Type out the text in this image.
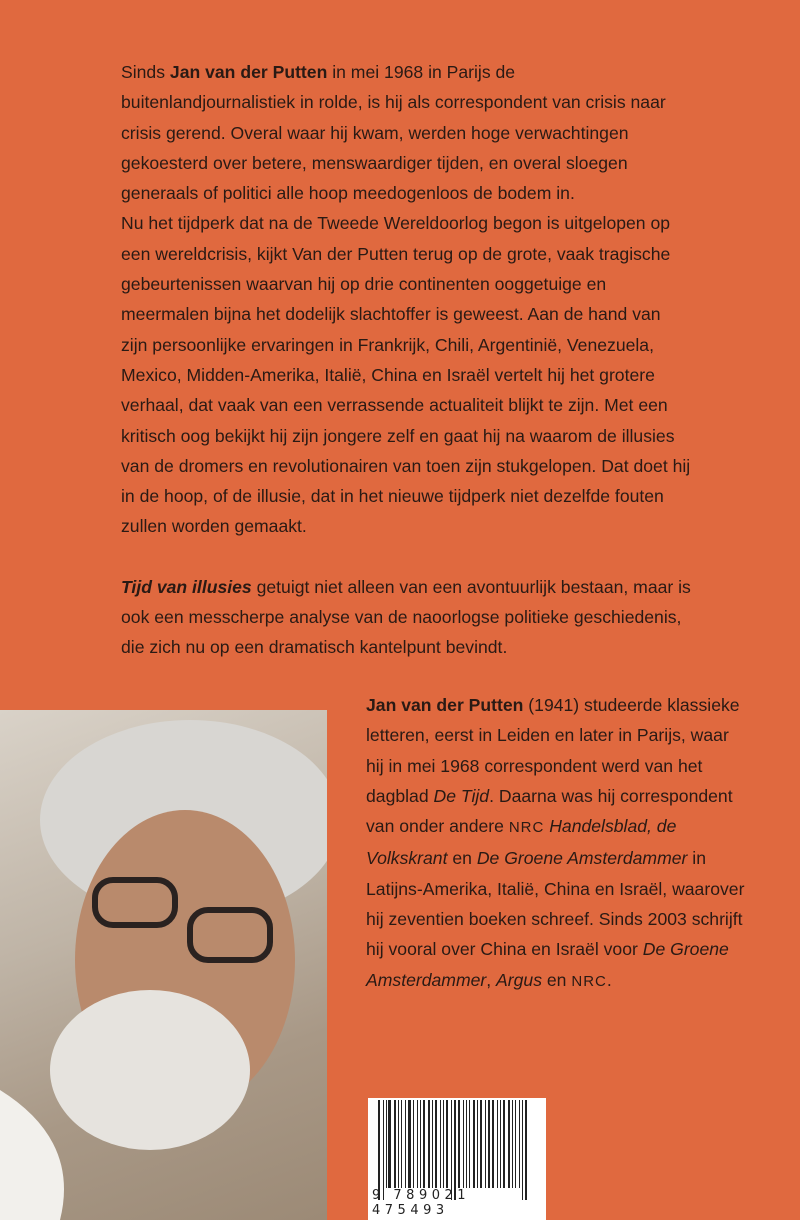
Sinds Jan van der Putten in mei 1968 in Parijs de buitenlandjournalistiek in rolde, is hij als correspondent van crisis naar crisis gerend. Overal waar hij kwam, werden hoge verwachtingen gekoesterd over betere, menswaardiger tijden, en overal sloegen generaals of politici alle hoop meedogenloos de bodem in.

Nu het tijdperk dat na de Tweede Wereldoorlog begon is uitgelopen op een wereldcrisis, kijkt Van der Putten terug op de grote, vaak tragische gebeurtenissen waarvan hij op drie continenten ooggetuige en meermalen bijna het dodelijk slachtoffer is geweest. Aan de hand van zijn persoonlijke ervaringen in Frankrijk, Chili, Argentinië, Venezuela, Mexico, Midden-Amerika, Italië, China en Israël vertelt hij het grotere verhaal, dat vaak van een verrassende actualiteit blijkt te zijn. Met een kritisch oog bekijkt hij zijn jongere zelf en gaat hij na waarom de illusies van de dromers en revolutionairen van toen zijn stukgelopen. Dat doet hij in de hoop, of de illusie, dat in het nieuwe tijdperk niet dezelfde fouten zullen worden gemaakt.

Tijd van illusies getuigt niet alleen van een avontuurlijk bestaan, maar is ook een messcherpe analyse van de naoorlogse politieke geschiedenis, die zich nu op een dramatisch kantelpunt bevindt.

Jan van der Putten (1941) studeerde klassieke letteren, eerst in Leiden en later in Parijs, waar hij in mei 1968 correspondent werd van het dagblad De Tijd. Daarna was hij correspondent van onder andere NRC Handelsblad, de Volkskrant en De Groene Amsterdammer in Latijns-Amerika, Italië, China en Israël, waarover hij zeventien boeken schreef. Sinds 2003 schrijft hij vooral over China en Israël voor De Groene Amsterdammer, Argus en NRC.
9 789021 475493
